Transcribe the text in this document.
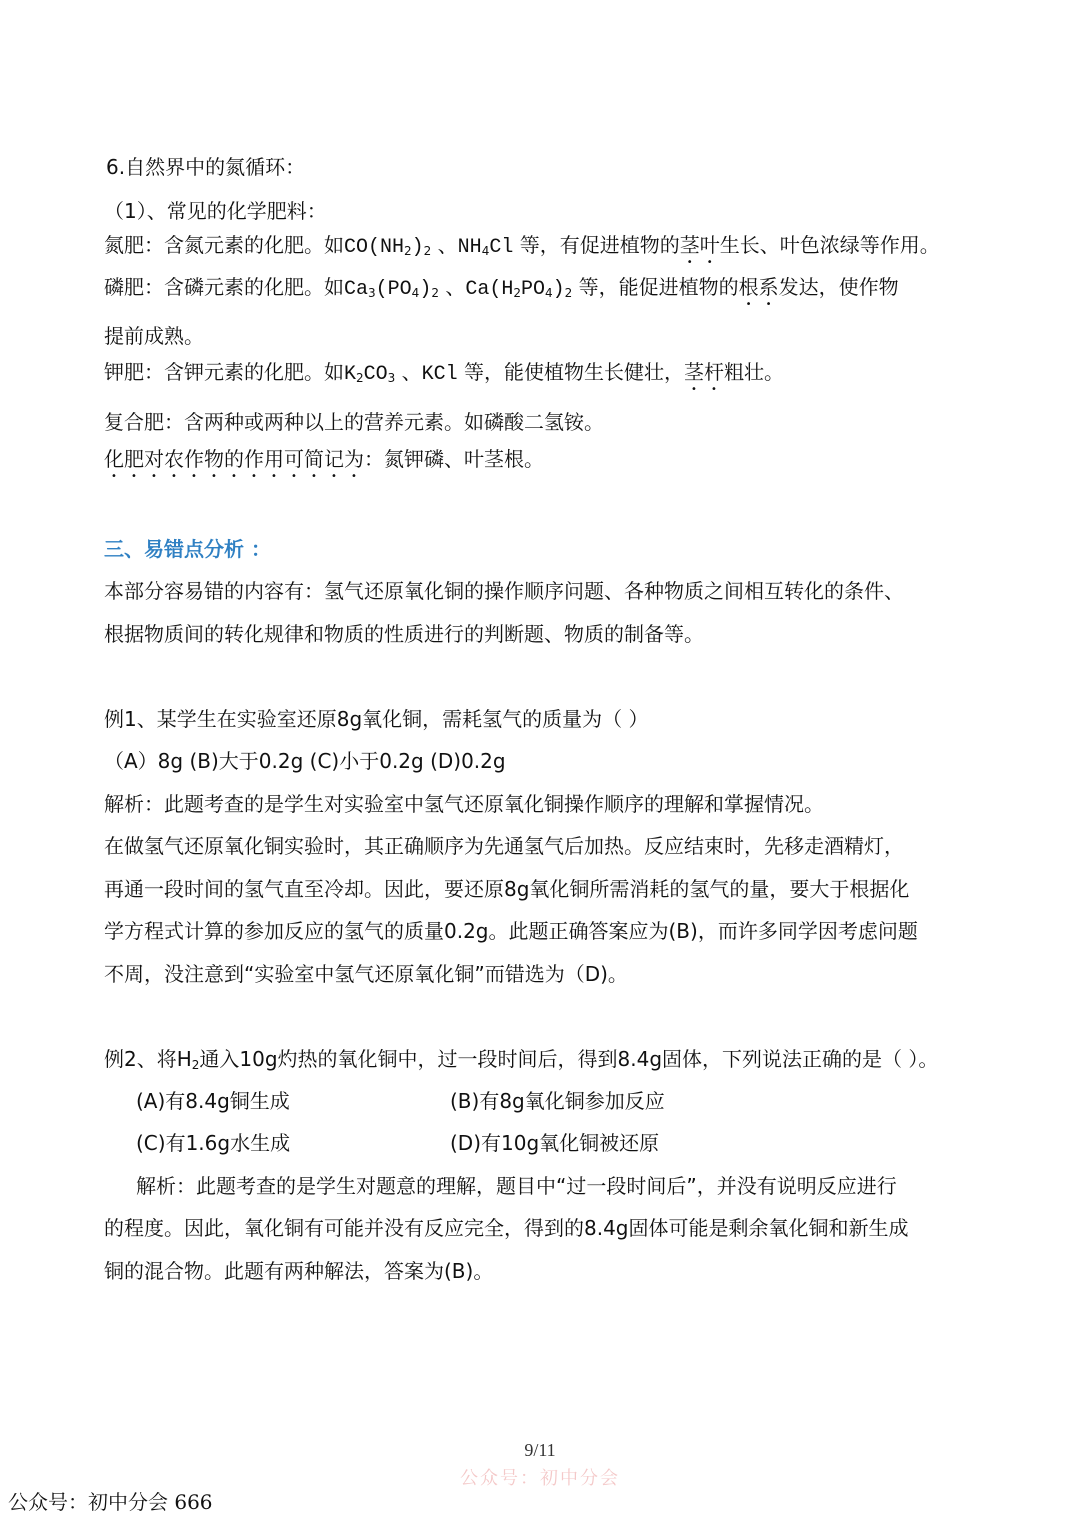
6.自然界中的氮循环：
（1）、常见的化学肥料：
氮肥：含氮元素的化肥。如$CO(NH_2)_2$ 、$NH_4Cl$ 等，有促进植物的茎叶生长、叶色浓绿等作用。
磷肥：含磷元素的化肥。如$Ca_3(PO_4)_2$ 、$Ca(H_2PO_4)_2$ 等，能促进植物的根系发达，使作物
提前成熟。
钾肥：含钾元素的化肥。如$K_2CO_3$ 、KCl 等，能使植物生长健壮，茎杆粗壮。
复合肥：含两种或两种以上的营养元素。如磷酸二氢铵。
化肥对农作物的作用可简记为：氮钾磷、叶茎根。
三、易错点分析 ：
本部分容易错的内容有：氢气还原氧化铜的操作顺序问题、各种物质之间相互转化的条件、
根据物质间的转化规律和物质的性质进行的判断题、物质的制备等。
例1、某学生在实验室还原8g氧化铜，需耗氢气的质量为（ ）
（A）8g (B)大于0.2g (C)小于0.2g (D)0.2g
解析：此题考查的是学生对实验室中氢气还原氧化铜操作顺序的理解和掌握情况。
在做氢气还原氧化铜实验时，其正确顺序为先通氢气后加热。反应结束时，先移走酒精灯，
再通一段时间的氢气直至冷却。因此，要还原8g氧化铜所需消耗的氢气的量，要大于根据化
学方程式计算的参加反应的氢气的质量0.2g。此题正确答案应为(B)，而许多同学因考虑问题
不周，没注意到“实验室中氢气还原氧化铜”而错选为（D)。
例2、将$H_2$通入10g灼热的氧化铜中，过一段时间后，得到8.4g固体，下列说法正确的是（ ）。
(A)有8.4g铜生成	(B)有8g氧化铜参加反应
(C)有1.6g水生成	(D)有10g氧化铜被还原
解析：此题考查的是学生对题意的理解，题目中“过一段时间后”，并没有说明反应进行
的程度。因此，氧化铜有可能并没有反应完全，得到的8.4g固体可能是剩余氧化铜和新生成
铜的混合物。此题有两种解法，答案为(B)。
9/11
公众号：初中分会
公众号：初中分会 666
